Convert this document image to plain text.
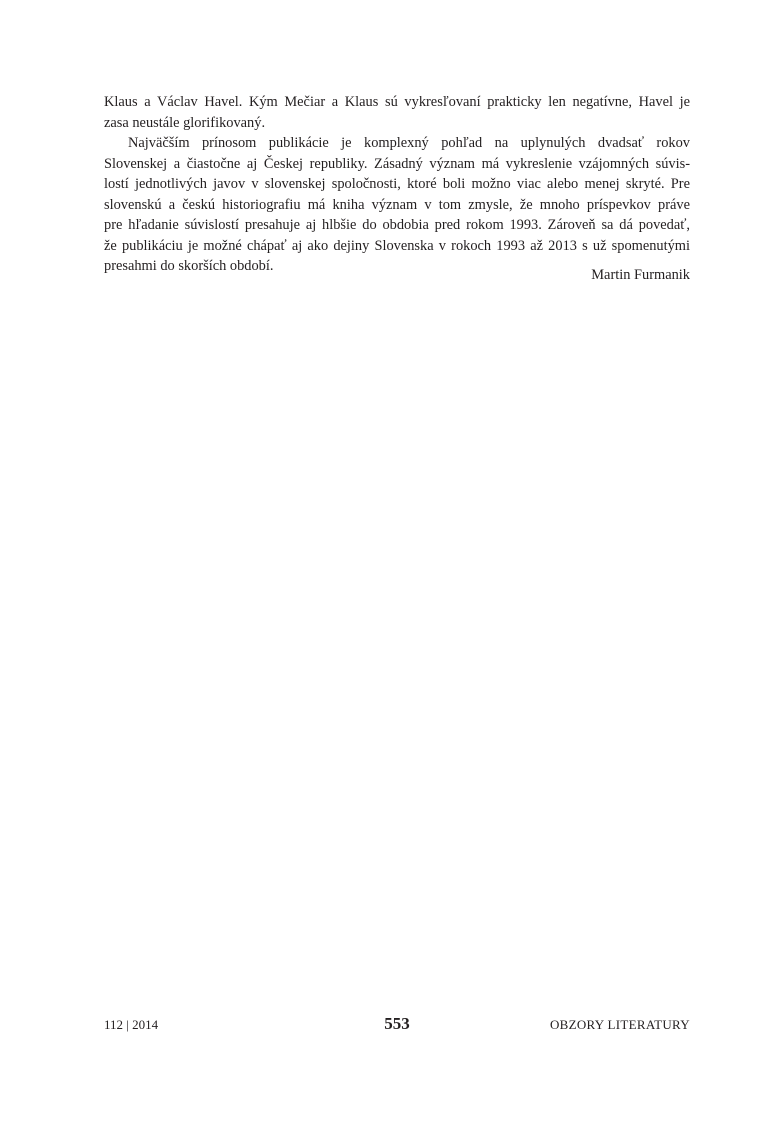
Klaus a Václav Havel. Kým Mečiar a Klaus sú vykresľovaní prakticky len negatívne, Havel je
zasa neustále glorifikovaný.
Najväčším prínosom publikácie je komplexný pohľad na uplynulých dvadsať rokov
Slovenskej a čiastočne aj Českej republiky. Zásadný význam má vykreslenie vzájomných súvis-
lostí jednotlivých javov v slovenskej spoločnosti, ktoré boli možno viac alebo menej skryté. Pre
slovenskú a českú historiografiu má kniha význam v tom zmysle, že mnoho príspevkov práve
pre hľadanie súvislostí presahuje aj hlbšie do obdobia pred rokom 1993. Zároveň sa dá povedať,
že publikáciu je možné chápať aj ako dejiny Slovenska v rokoch 1993 až 2013 s už spomenutými
presahmi do skorších období.
Martin Furmanik
112 | 2014	553	OBZORY LITERATURY
